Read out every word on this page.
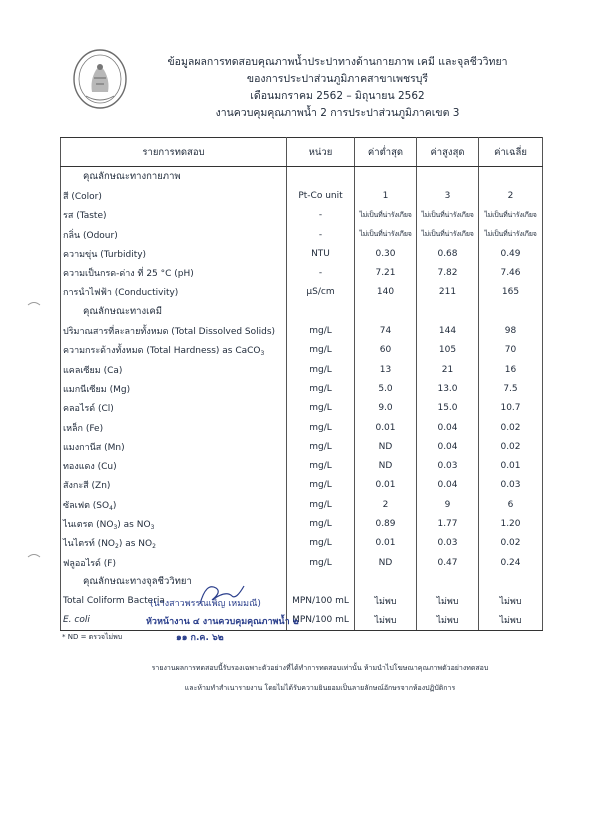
ข้อมูลผลการทดสอบคุณภาพน้ำประปาทางด้านกายภาพ เคมี และจุลชีววิทยา
ของการประปาส่วนภูมิภาคสาขาเพชรบุรี
เดือนมกราคม 2562 – มิถุนายน 2562
งานควบคุมคุณภาพน้ำ 2 การประปาส่วนภูมิภาคเขต 3
รายการทดสอบ	หน่วย	ค่าต่ำสุด	ค่าสูงสุด	ค่าเฉลี่ย
คุณลักษณะทางกายภาพ				
สี (Color)	Pt-Co unit	1	3	2
รส (Taste)	-	ไม่เป็นที่น่ารังเกียจ	ไม่เป็นที่น่ารังเกียจ	ไม่เป็นที่น่ารังเกียจ
กลิ่น (Odour)	-	ไม่เป็นที่น่ารังเกียจ	ไม่เป็นที่น่ารังเกียจ	ไม่เป็นที่น่ารังเกียจ
ความขุ่น (Turbidity)	NTU	0.30	0.68	0.49
ความเป็นกรด-ด่าง ที่ 25 °C (pH)	-	7.21	7.82	7.46
การนำไฟฟ้า (Conductivity)	µS/cm	140	211	165
คุณลักษณะทางเคมี				
ปริมาณสารที่ละลายทั้งหมด (Total Dissolved Solids)	mg/L	74	144	98
ความกระด้างทั้งหมด (Total Hardness) as CaCO$_3$	mg/L	60	105	70
แคลเซียม (Ca)	mg/L	13	21	16
แมกนีเซียม (Mg)	mg/L	5.0	13.0	7.5
คลอไรด์ (Cl)	mg/L	9.0	15.0	10.7
เหล็ก (Fe)	mg/L	0.01	0.04	0.02
แมงกานีส (Mn)	mg/L	ND	0.04	0.02
ทองแดง (Cu)	mg/L	ND	0.03	0.01
สังกะสี (Zn)	mg/L	0.01	0.04	0.03
ซัลเฟต $(SO_4)$	mg/L	2	9	6
ไนเตรต $(NO_3)$ as $NO_3$	mg/L	0.89	1.77	1.20
ไนไตรท์ $(NO_2)$ as $NO_2$	mg/L	0.01	0.03	0.02
ฟลูออไรด์ (F)	mg/L	ND	0.47	0.24
คุณลักษณะทางจุลชีววิทยา				
Total Coliform Bacteria	MPN/100 mL	ไม่พบ	ไม่พบ	ไม่พบ
E. coli	MPN/100 mL	ไม่พบ	ไม่พบ	ไม่พบ
* ND = ตรวจไม่พบ
(นางสาวพรรณเพ็ญ เหมมณี)
หัวหน้างาน ๔ งานควบคุมคุณภาพน้ำ ๒
๑๑ ก.ค. ๖๒
รายงานผลการทดสอบนี้รับรองเฉพาะตัวอย่างที่ได้ทำการทดสอบเท่านั้น ห้ามนำไปโฆษณาคุณภาพตัวอย่างทดสอบ
และห้ามทำสำเนารายงาน โดยไม่ได้รับความยินยอมเป็นลายลักษณ์อักษรจากห้องปฏิบัติการ
